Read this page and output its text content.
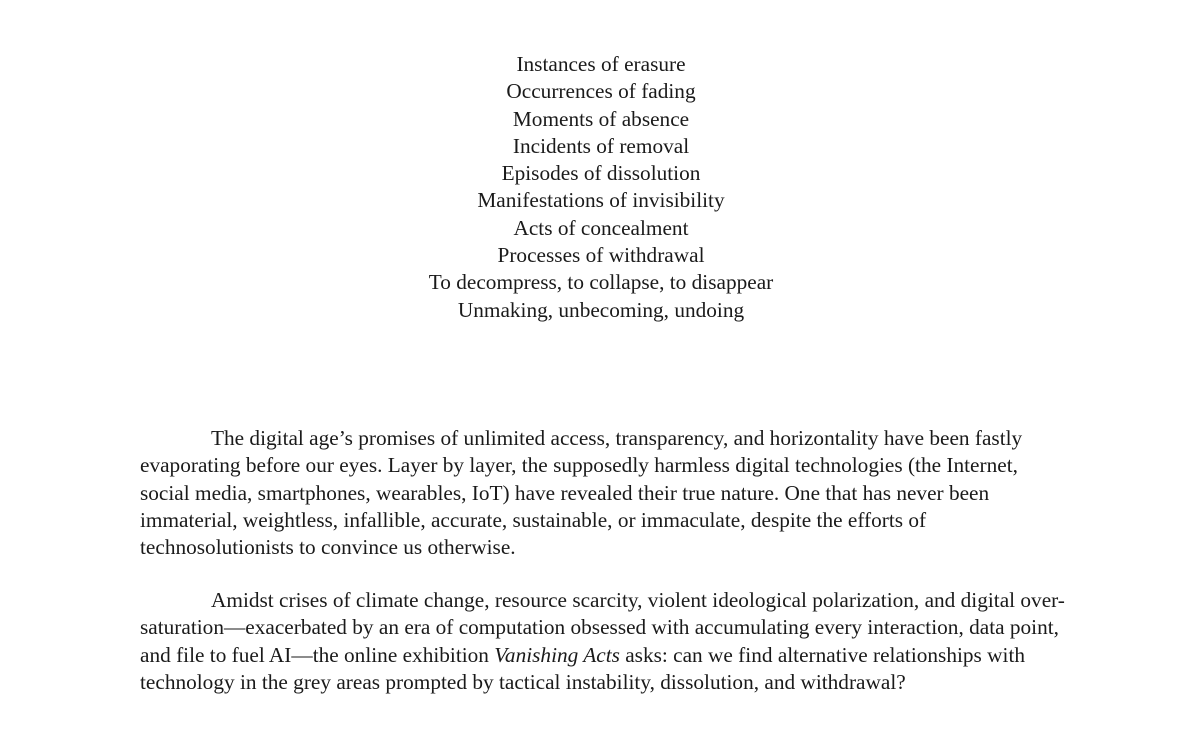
Instances of erasure
Occurrences of fading
Moments of absence
Incidents of removal
Episodes of dissolution
Manifestations of invisibility
Acts of concealment
Processes of withdrawal
To decompress, to collapse, to disappear
Unmaking, unbecoming, undoing

The digital age’s promises of unlimited access, transparency, and horizontality have been fastly evaporating before our eyes. Layer by layer, the supposedly harmless digital technologies (the Internet, social media, smartphones, wearables, IoT) have revealed their true nature. One that has never been immaterial, weightless, infallible, accurate, sustainable, or immaculate, despite the efforts of technosolutionists to convince us otherwise.

Amidst crises of climate change, resource scarcity, violent ideological polarization, and digital over-saturation—exacerbated by an era of computation obsessed with accumulating every interaction, data point, and file to fuel AI—the online exhibition Vanishing Acts asks: can we find alternative relationships with technology in the grey areas prompted by tactical instability, dissolution, and withdrawal?
